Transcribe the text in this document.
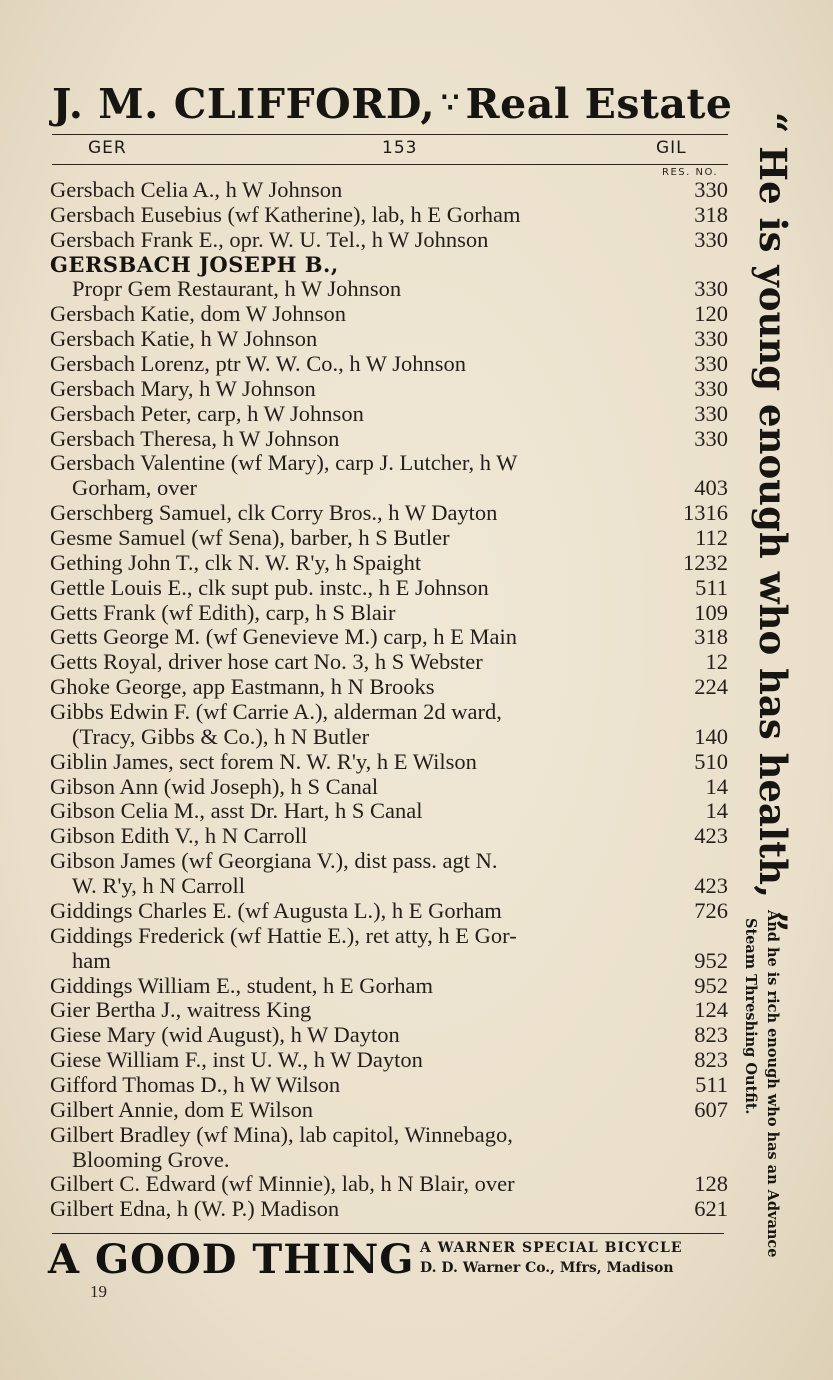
J. M. CLIFFORD, ∵ Real Estate
GER	153	GIL
RES. NO.
Gersbach Celia A., h W Johnson	330
Gersbach Eusebius (wf Katherine), lab, h E Gorham	318
Gersbach Frank E., opr. W. U. Tel., h W Johnson	330
GERSBACH JOSEPH B.,
Propr Gem Restaurant, h W Johnson	330
Gersbach Katie, dom W Johnson	120
Gersbach Katie, h W Johnson	330
Gersbach Lorenz, ptr W. W. Co., h W Johnson	330
Gersbach Mary, h W Johnson	330
Gersbach Peter, carp, h W Johnson	330
Gersbach Theresa, h W Johnson	330
Gersbach Valentine (wf Mary), carp J. Lutcher, h W
Gorham, over	403
Gerschberg Samuel, clk Corry Bros., h W Dayton	1316
Gesme Samuel (wf Sena), barber, h S Butler	112
Gething John T., clk N. W. R'y, h Spaight	1232
Gettle Louis E., clk supt pub. instc., h E Johnson	511
Getts Frank (wf Edith), carp, h S Blair	109
Getts George M. (wf Genevieve M.) carp, h E Main	318
Getts Royal, driver hose cart No. 3, h S Webster	12
Ghoke George, app Eastmann, h N Brooks	224
Gibbs Edwin F. (wf Carrie A.), alderman 2d ward,
(Tracy, Gibbs & Co.), h N Butler	140
Giblin James, sect forem N. W. R'y, h E Wilson	510
Gibson Ann (wid Joseph), h S Canal	14
Gibson Celia M., asst Dr. Hart, h S Canal	14
Gibson Edith V., h N Carroll	423
Gibson James (wf Georgiana V.), dist pass. agt N.
W. R'y, h N Carroll	423
Giddings Charles E. (wf Augusta L.), h E Gorham	726
Giddings Frederick (wf Hattie E.), ret atty, h E Gor-
ham	952
Giddings William E., student, h E Gorham	952
Gier Bertha J., waitress King	124
Giese Mary (wid August), h W Dayton	823
Giese William F., inst U. W., h W Dayton	823
Gifford Thomas D., h W Wilson	511
Gilbert Annie, dom E Wilson	607
Gilbert Bradley (wf Mina), lab capitol, Winnebago,
Blooming Grove.
Gilbert C. Edward (wf Minnie), lab, h N Blair, over	128
Gilbert Edna, h (W. P.) Madison	621
“ He is young enough who has health, ”
And he is rich enough who has an Advance
Steam Threshing Outfit.
A GOOD THING A WARNER SPECIAL BICYCLE
D. D. Warner Co., Mfrs, Madison
19
